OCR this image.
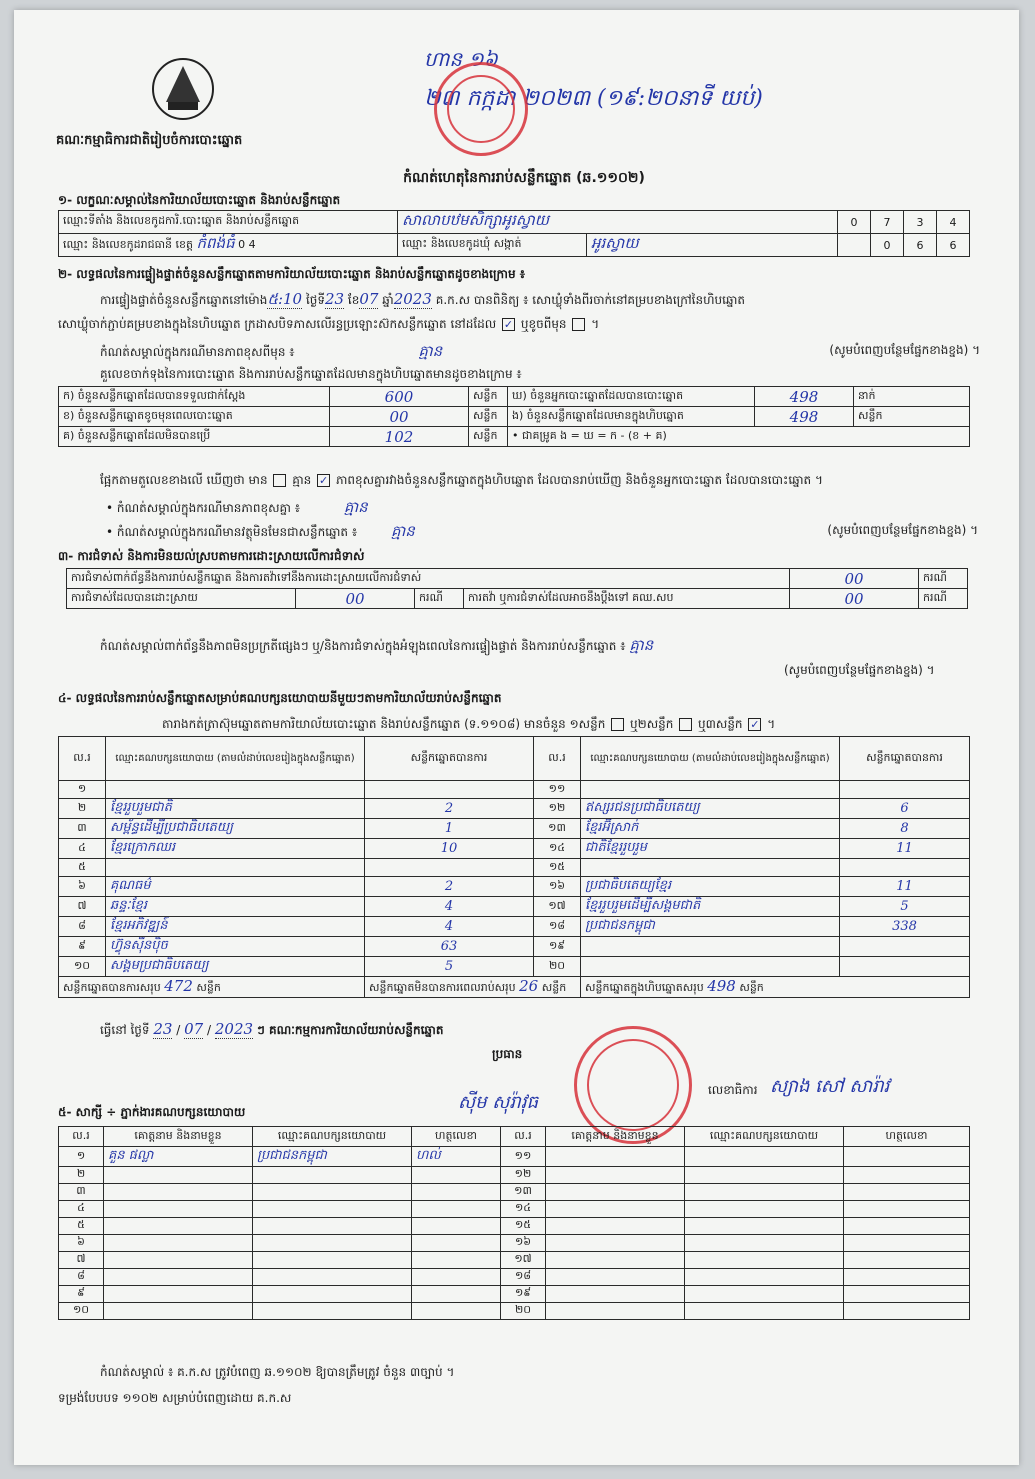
គណៈកម្មាធិការជាតិរៀបចំការបោះឆ្នោត
ហាន ១៦
២៣ កក្កដា ២០២៣ (១៩:២០នាទី យប់)
កំណត់ហេតុនៃការរាប់សន្លឹកឆ្នោត (ឆ.១១០២)
១- លក្ខណៈសម្គាល់នៃការិយាល័យបោះឆ្នោត និងរាប់សន្លឹកឆ្នោត
ឈ្មោះទីតាំង និងលេខកូដការិ.បោះឆ្នោត និងរាប់សន្លឹកឆ្នោត	សាលាបឋមសិក្សាអូរស្វាយ		0	7	3	4
ឈ្មោះ និងលេខកូដរាជធានី ខេត្ត កំពង់ធំ 0 4	ឈ្មោះ និងលេខកូដឃុំ សង្កាត់	អូរស្វាយ		0	6	6
២- លទ្ធផលនៃការផ្ទៀងផ្ទាត់ចំនួនសន្លឹកឆ្នោតតាមការិយាល័យបោះឆ្នោត និងរាប់សន្លឹកឆ្នោតដូចខាងក្រោម ៖
ការផ្ទៀងផ្ទាត់ចំនួនសន្លឹកឆ្នោតនៅម៉ោង៥:10 ថ្ងៃទី23 ខែ07 ឆ្នាំ2023 គ.ក.ស បានពិនិត្យ ៖ សោឃ្លុំទាំងពីរចាក់នៅគម្របខាងក្រៅនៃហិបឆ្នោត
សោឃ្លុំចាក់ភ្ជាប់គម្របខាងក្នុងនៃហិបឆ្នោត ក្រដាសបិទភាសលើរន្ធប្រឡោះស៊កសន្លឹកឆ្នោត នៅដដែល ✓ ឬខូចពីមុន  ។
កំណត់សម្គាល់ក្នុងករណីមានភាពខុសពីមុន ៖	គ្មាន	(សូមបំពេញបន្ថែមផ្នែកខាងខ្នង) ។
គួលេខចាក់ទុងនៃការបោះឆ្នោត និងការរាប់សន្លឹកឆ្នោតដែលមានក្នុងហិបឆ្នោតមានដូចខាងក្រោម ៖
ក) ចំនួនសន្លឹកឆ្នោតដែលបានទទួលជាក់ស្ដែង	600	សន្លឹក	ឃ) ចំនួនអ្នកបោះឆ្នោតដែលបានបោះឆ្នោត	498	នាក់
ខ) ចំនួនសន្លឹកឆ្នោតខូចមុនពេលបោះឆ្នោត	00	សន្លឹក	ង) ចំនួនសន្លឹកឆ្នោតដែលមានក្នុងហិបឆ្នោត	498	សន្លឹក
គ) ចំនួនសន្លឹកឆ្នោតដែលមិនបានប្រើ	102	សន្លឹក	• ជាគម្រូគ ង = ឃ = ក - (ខ + គ)		
ផ្អែកតាមតួលេខខាងលើ ឃើញថា មាន គ្មាន ✓ ភាពខុសគ្នារវាងចំនួនសន្លឹកឆ្នោតក្នុងហិបឆ្នោត ដែលបានរាប់ឃើញ និងចំនួនអ្នកបោះឆ្នោត ដែលបានបោះឆ្នោត ។
• កំណត់សម្គាល់ក្នុងករណីមានភាពខុសគ្នា ៖	គ្មាន
• កំណត់សម្គាល់ក្នុងករណីមានវត្ថុមិនមែនជាសន្លឹកឆ្នោត ៖ គ្មាន	(សូមបំពេញបន្ថែមផ្នែកខាងខ្នង) ។
៣- ការជំទាស់ និងការមិនយល់ស្របតាមការដោះស្រាយលើការជំទាស់
ការជំទាស់ពាក់ព័ន្ធនឹងការរាប់សន្លឹកឆ្នោត និងការតវ៉ាទៅនឹងការដោះស្រាយលើការជំទាស់				00	ករណី
ការជំទាស់ដែលបានដោះស្រាយ	00	ករណី	ការតវ៉ា ឬការជំទាស់ដែលអាចនឹងប្ដឹងទៅ គឈ.សប	00	ករណី
កំណត់សម្គាល់ពាក់ព័ន្ធនឹងភាពមិនប្រក្រតីផ្សេងៗ ឬ/និងការជំទាស់ក្នុងអំឡុងពេលនៃការផ្ទៀងផ្ទាត់ និងការរាប់សន្លឹកឆ្នោត ៖ គ្មាន
(សូមបំពេញបន្ថែមផ្នែកខាងខ្នង) ។
៤- លទ្ធផលនៃការរាប់សន្លឹកឆ្នោតសម្រាប់គណបក្សនយោបាយនីមួយៗតាមការិយាល័យរាប់សន្លឹកឆ្នោត
តារាងកត់ត្រាស៊ុមឆ្នោតតាមការិយាល័យបោះឆ្នោត និងរាប់សន្លឹកឆ្នោត (ទ.១១០៨) មានចំនួន ១សន្លឹក ឬ២សន្លឹក ឬ៣សន្លឹក ✓ ។
ល.រ	ឈ្មោះគណបក្សនយោបាយ (តាមលំដាប់លេខរៀងក្នុងសន្លឹកឆ្នោត)	សន្លឹកឆ្នោតបានការ	ល.រ	ឈ្មោះគណបក្សនយោបាយ (តាមលំដាប់លេខរៀងក្នុងសន្លឹកឆ្នោត)	សន្លឹកឆ្នោតបានការ
១			១១		
២	ខ្មែររួបរួមជាតិ	2	១២	ឥស្សរជនប្រជាធិបតេយ្យ	6
៣	សម្ព័ន្ធដើម្បីប្រជាធិបតេយ្យ	1	១៣	ខ្មែរអ៊ីស្រាក់	8
៤	ខ្មែរក្រោកឈរ	10	១៤	ជាតិខ្មែររួបរួម	11
៥			១៥		
៦	គុណធម៌	2	១៦	ប្រជាធិបតេយ្យខ្មែរ	11
៧	ឆន្ទៈខ្មែរ	4	១៧	ខ្មែររួបរួមដើម្បីសង្គមជាតិ	5
៨	ខ្មែរអភិវឌ្ឍន៍	4	១៨	ប្រជាជនកម្ពុជា	338
៩	ហ៊្វុនស៊ីនប៉ិច	63	១៩		
១០	សង្គមប្រជាធិបតេយ្យ	5	២០		
សន្លឹកឆ្នោតបានការសរុប 472 សន្លឹក		សន្លឹកឆ្នោតមិនបានការពេលរាប់សរុប 26 សន្លឹក		សន្លឹកឆ្នោតក្នុងហិបឆ្នោតសរុប 498 សន្លឹក	
ធ្វើនៅ ថ្ងៃទី 23 / 07 / 2023 ៗ គណៈកម្មការការិយាល័យរាប់សន្លឹកឆ្នោត
ប្រធាន
ស៊ីម សុរ៉ាវុធ
លេខាធិការ ស្យាង សៅ សារ៉ាវ
៥- សាក្សី ÷ ភ្នាក់ងារគណបក្សនយោបាយ
ល.រ	គោត្តនាម និងនាមខ្លួន	ឈ្មោះគណបក្សនយោបាយ	ហត្ថលេខា	ល.រ	គោត្តនាម និងនាមខ្លួន	ឈ្មោះគណបក្សនយោបាយ	ហត្ថលេខា
១	គួន ផល្លា	ប្រជាជនកម្ពុជា	ហល់	១១			
២				១២			
៣				១៣			
៤				១៤			
៥				១៥			
៦				១៦			
៧				១៧			
៨				១៨			
៩				១៩			
១០				២០			
កំណត់សម្គាល់ ៖ គ.ក.ស ត្រូវបំពេញ ឆ.១១០២ ឱ្យបានត្រឹមត្រូវ ចំនួន ៣ច្បាប់ ។
ទម្រង់បែបបទ ១១០២ សម្រាប់បំពេញដោយ គ.ក.ស
